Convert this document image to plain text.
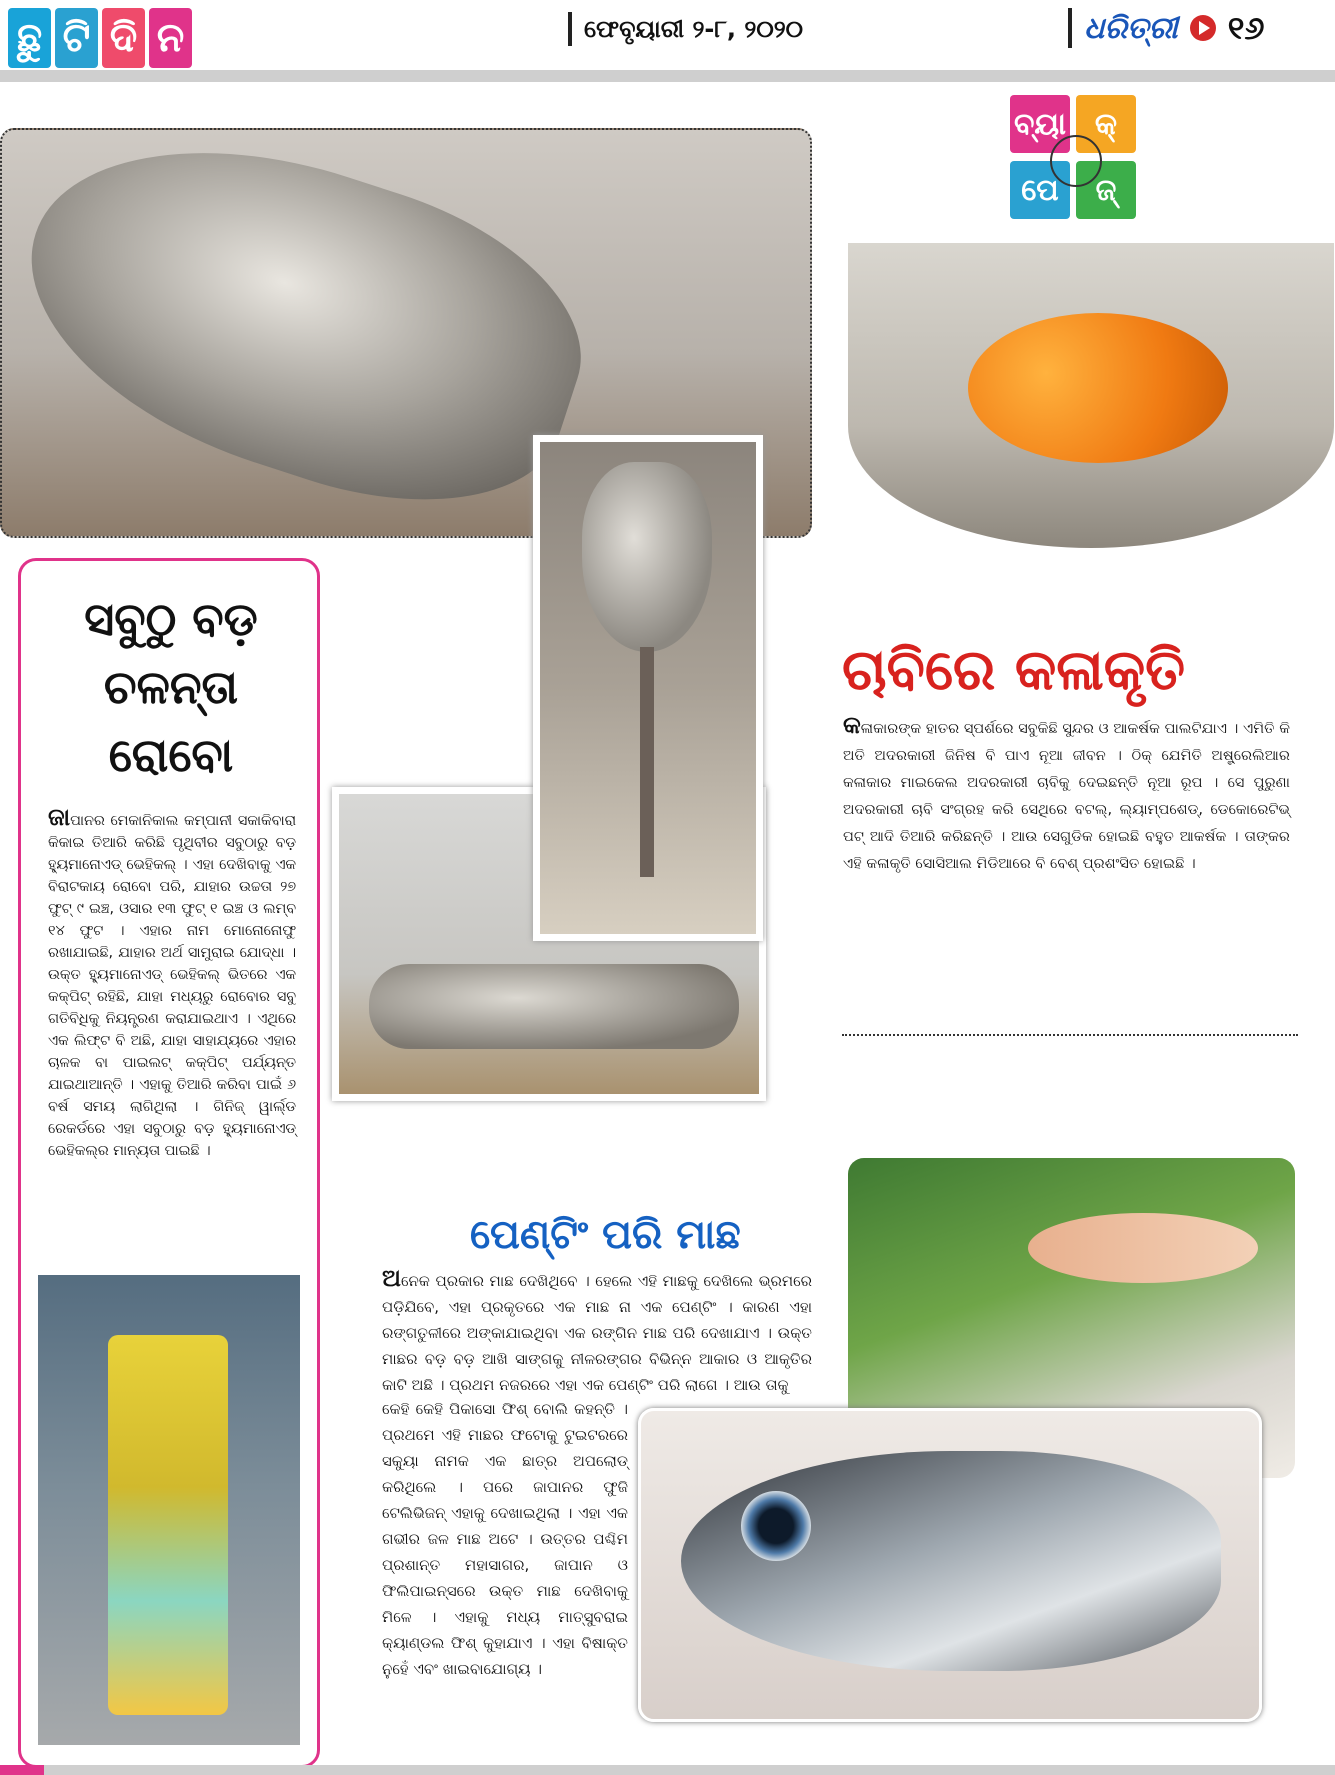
ଛୁ ଟି ଦି ନ	ଫେବୃୟାରୀ ୨-୮, ୨୦୨୦	ଧରିତ୍ରୀ ୧୬
ବ୍ୟା କ୍
ପେ	ଜ୍
ସବୁଠୁ ବଡ଼
ଚଳନ୍ତା
ରୋବୋ
ଜାପାନର ମେକାନିକାଲ କମ୍ପାନୀ ସକାକିବାରା କିକାଇ ତିଆରି କରିଛି ପୃଥିବୀର ସବୁଠାରୁ ବଡ଼ ହ୍ୟୁମାନୋଏଡ୍ ଭେହିକଲ୍ । ଏହା ଦେଖିବାକୁ ଏକ ବିରାଟକାୟ ରୋବୋ ପରି, ଯାହାର ଉଚ୍ଚତା ୨୭ ଫୁଟ୍ ୯ ଇଞ୍ଚ, ଓସାର ୧୩ ଫୁଟ୍ ୧ ଇଞ୍ଚ ଓ ଲମ୍ବ ୧୪ ଫୁଟ । ଏହାର ନାମ ମୋନୋନୋଫୁ ରଖାଯାଇଛି, ଯାହାର ଅର୍ଥ ସାମୁରାଇ ଯୋଦ୍ଧା । ଉକ୍ତ ହ୍ୟୁମାନୋଏଡ୍ ଭେହିକଲ୍ ଭିତରେ ଏକ କକ୍ପିଟ୍ ରହିଛି, ଯାହା ମଧ୍ୟରୁ ରୋବୋର ସବୁ ଗତିବିଧିକୁ ନିୟନ୍ତ୍ରଣ କରାଯାଇଥାଏ । ଏଥିରେ ଏକ ଲିଫ୍ଟ ବି ଅଛି, ଯାହା ସାହାଯ୍ୟରେ ଏହାର ଚାଳକ ବା ପାଇଲଟ୍ କକ୍ପିଟ୍ ପର୍ଯ୍ୟନ୍ତ ଯାଇଥାଆନ୍ତି । ଏହାକୁ ତିଆରି କରିବା ପାଇଁ ୬ ବର୍ଷ ସମୟ ଲାଗିଥିଲା । ଗିନିଜ୍ ୱାର୍ଲ୍ଡ ରେକର୍ଡରେ ଏହା ସବୁଠାରୁ ବଡ଼ ହ୍ୟୁମାନୋଏଡ୍ ଭେହିକଲ୍ର ମାନ୍ୟତା ପାଇଛି ।
ଚାବିରେ କଳାକୃତି
କଳାକାରଙ୍କ ହାତର ସ୍ପର୍ଶରେ ସବୁକିଛି ସୁନ୍ଦର ଓ ଆକର୍ଷକ ପାଲଟିଯାଏ । ଏମିତି କି ଅତି ଅଦରକାରୀ ଜିନିଷ ବି ପାଏ ନୂଆ ଜୀବନ । ଠିକ୍ ଯେମିତି ଅଷ୍ଟ୍ରେଲିଆର କଳାକାର ମାଇକେଲ ଅଦରକାରୀ ଚାବିକୁ ଦେଇଛନ୍ତି ନୂଆ ରୂପ । ସେ ପୁରୁଣା ଅଦରକାରୀ ଚାବି ସଂଗ୍ରହ କରି ସେଥିରେ ବଟଲ୍, ଲ୍ୟାମ୍ପଶେଡ୍, ଡେକୋରେଟିଭ୍ ପଟ୍ ଆଦି ତିଆରି କରିଛନ୍ତି । ଆଉ ସେଗୁଡିକ ହୋଇଛି ବହୁତ ଆକର୍ଷକ । ତାଙ୍କର ଏହି କଳାକୃତି ସୋସିଆଲ ମିଡିଆରେ ବି ବେଶ୍ ପ୍ରଶଂସିତ ହୋଇଛି ।
ପେଣ୍ଟିଂ ପରି ମାଛ
ଅନେକ ପ୍ରକାର ମାଛ ଦେଖିଥିବେ । ହେଲେ ଏହି ମାଛକୁ ଦେଖିଲେ ଭ୍ରମରେ ପଡ଼ିଯିବେ, ଏହା ପ୍ରକୃତରେ ଏକ ମାଛ ନା ଏକ ପେଣ୍ଟିଂ । କାରଣ ଏହା ରଙ୍ଗତୁଳୀରେ ଅଙ୍କାଯାଇଥିବା ଏକ ରଙ୍ଗିନ ମାଛ ପରି ଦେଖାଯାଏ । ଉକ୍ତ ମାଛର ବଡ଼ ବଡ଼ ଆଖି ସାଙ୍ଗକୁ ନୀଳରଙ୍ଗର ବିଭିନ୍ନ ଆକାର ଓ ଆକୃତିର କାଟି ଅଛି । ପ୍ରଥମ ନଜରରେ ଏହା ଏକ ପେଣ୍ଟିଂ ପରି ଲାଗେ । ଆଉ ତାକୁ
କେହି କେହି ପିକାସୋ ଫିଶ୍ ବୋଲି କହନ୍ତି । ପ୍ରଥମେ ଏହି ମାଛର ଫଟୋକୁ ଟୁଇଟରରେ ସକୁୟା ନାମକ ଏକ ଛାତ୍ର ଅପଲୋଡ୍ କରିଥିଲେ । ପରେ ଜାପାନର ଫୁଜି ଟେଲିଭିଜନ୍ ଏହାକୁ ଦେଖାଇଥିଲା । ଏହା ଏକ ଗଭୀର ଜଳ ମାଛ ଅଟେ । ଉତ୍ତର ପଶ୍ଚିମ ପ୍ରଶାନ୍ତ ମହାସାଗର, ଜାପାନ ଓ ଫିଲିପାଇନ୍ସରେ ଉକ୍ତ ମାଛ ଦେଖିବାକୁ ମିଳେ । ଏହାକୁ ମଧ୍ୟ ମାତ୍ସୁବରାଇ କ୍ୟାଣ୍ଡଲ ଫିଶ୍ କୁହାଯାଏ । ଏହା ବିଷାକ୍ତ ନୁହେଁ ଏବଂ ଖାଇବାଯୋଗ୍ୟ ।
